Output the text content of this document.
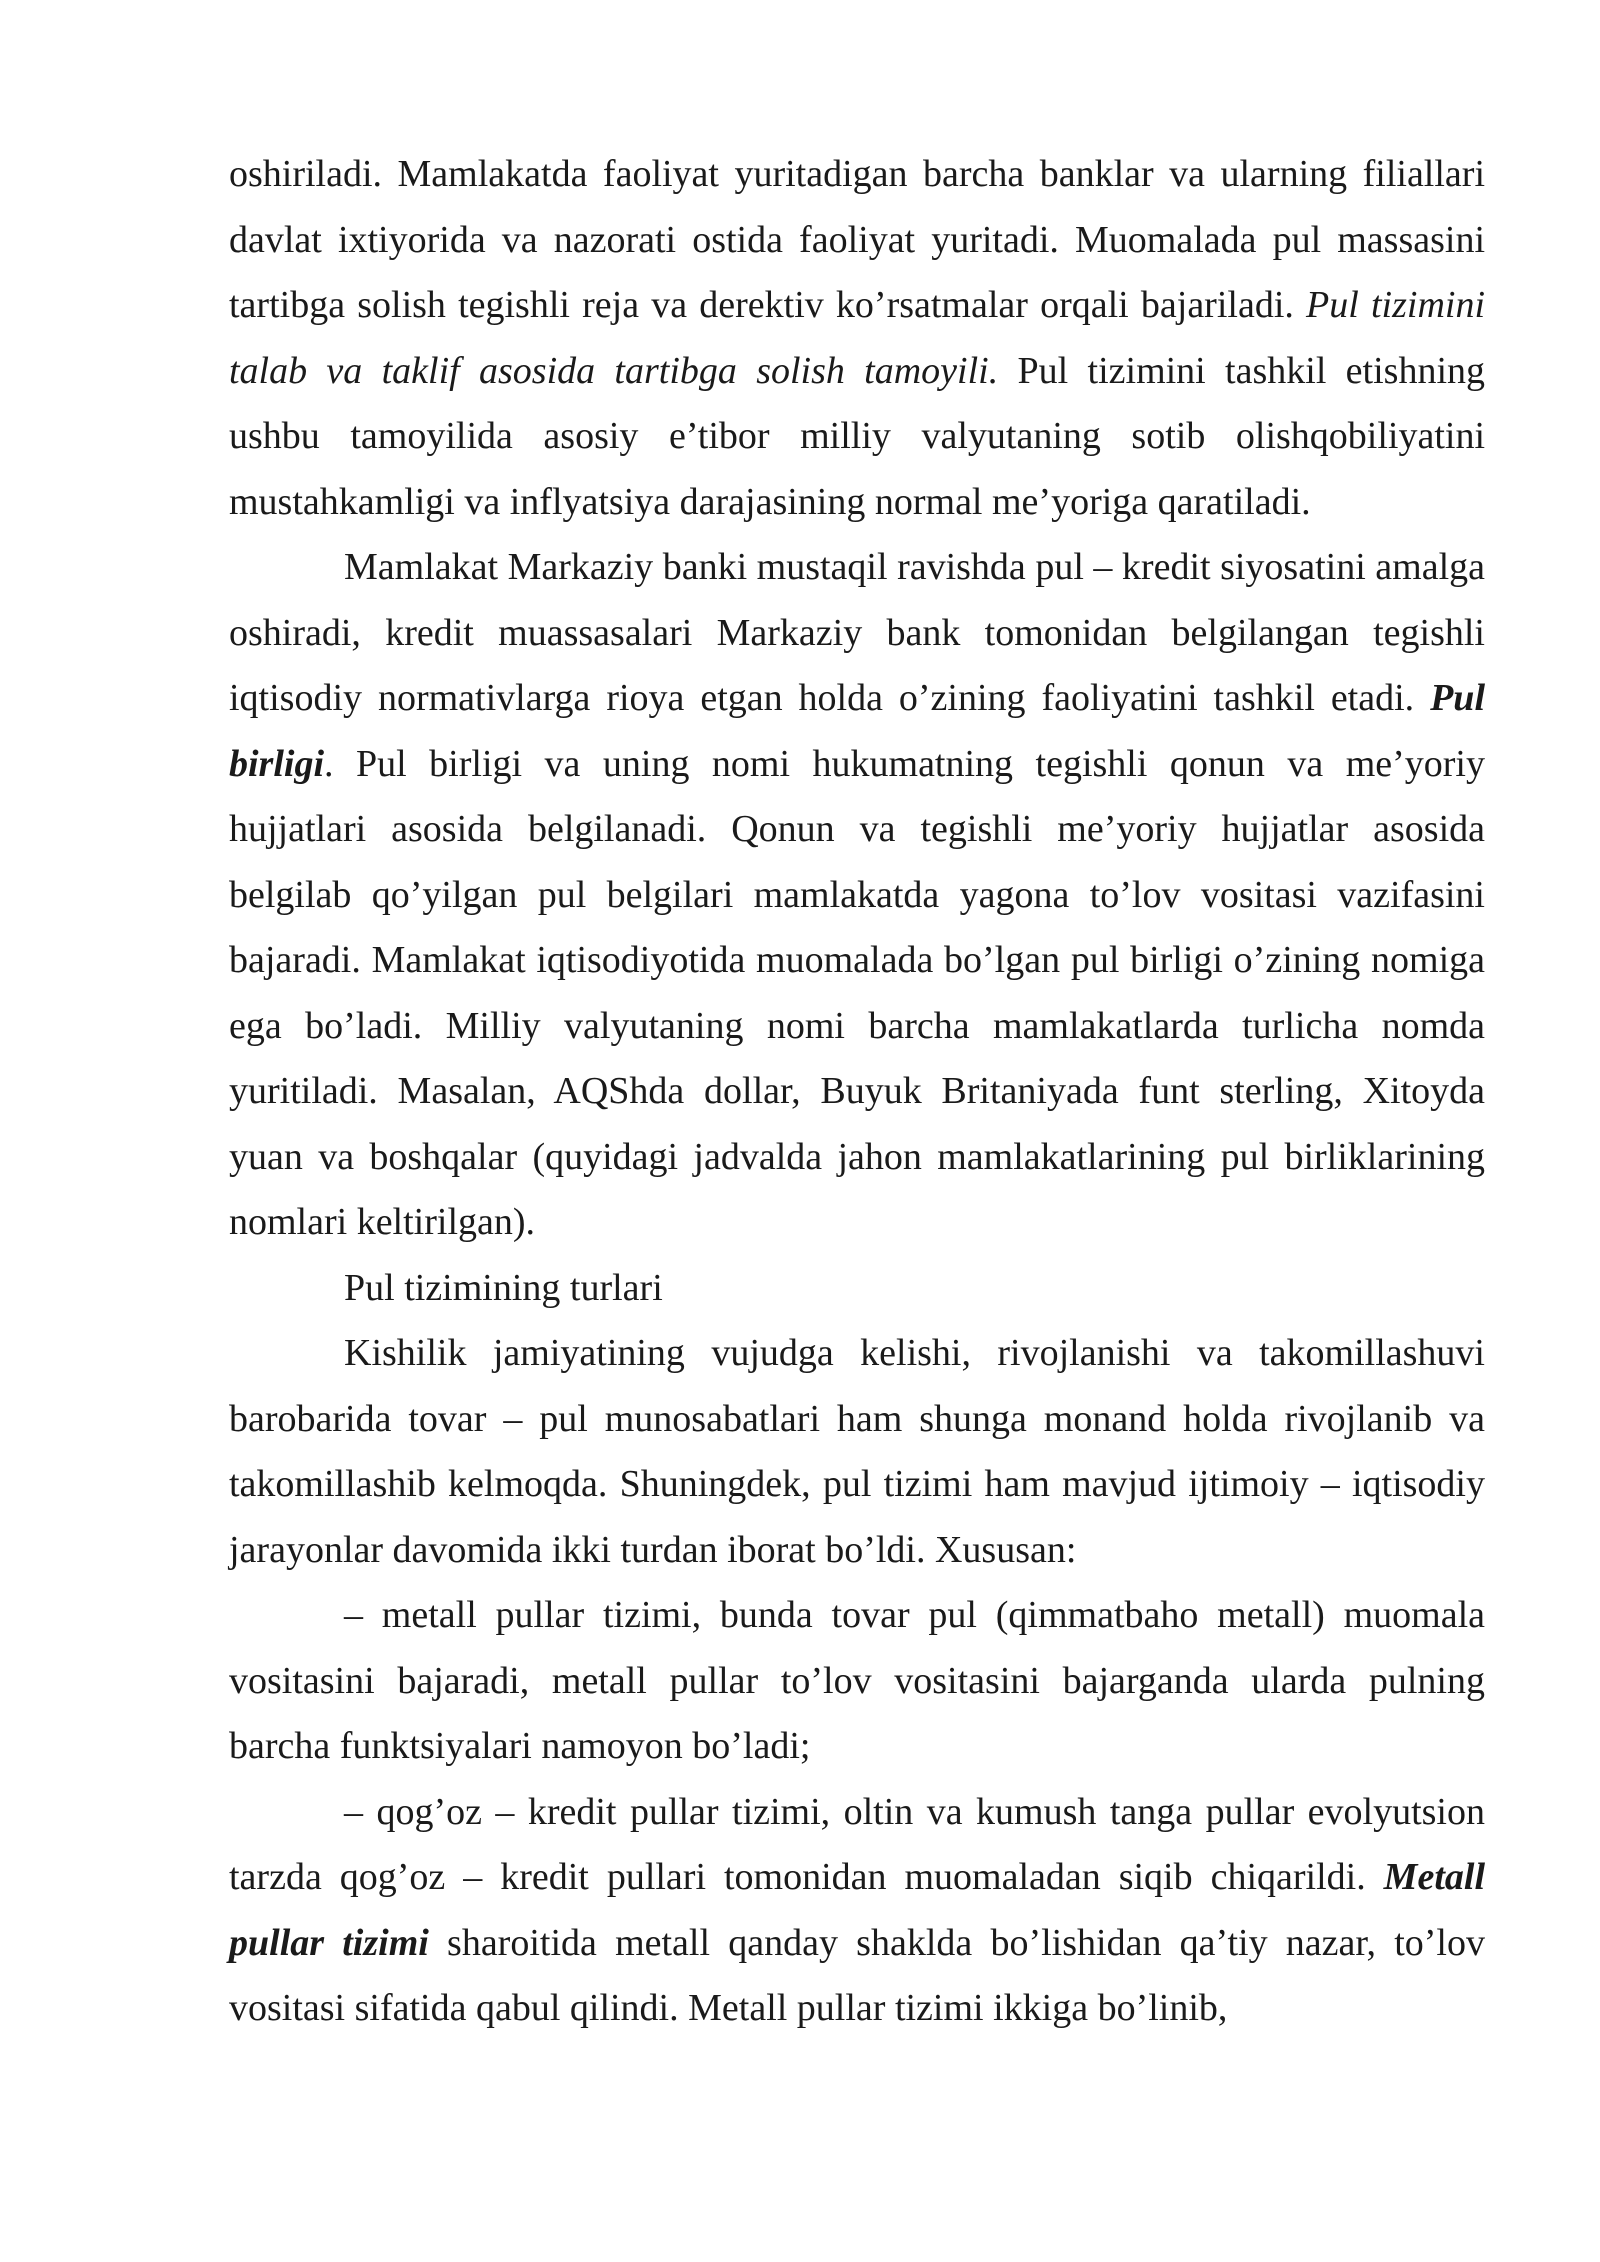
oshiriladi. Mamlakatda faoliyat yuritadigan barcha banklar va ularning filiallari davlat ixtiyorida va nazorati ostida faoliyat yuritadi. Muomalada pul massasini tartibga solish tegishli reja va derektiv ko’rsatmalar orqali bajariladi. Pul tizimini talab va taklif asosida tartibga solish tamoyili. Pul tizimini tashkil etishning ushbu tamoyilida asosiy e’tibor milliy valyutaning sotib olishqobiliyatini mustahkamligi va inflyatsiya darajasining normal me’yoriga qaratiladi.

Mamlakat Markaziy banki mustaqil ravishda pul – kredit siyosatini amalga oshiradi, kredit muassasalari Markaziy bank tomonidan belgilangan tegishli iqtisodiy normativlarga rioya etgan holda o’zining faoliyatini tashkil etadi. Pul birligi. Pul birligi va uning nomi hukumatning tegishli qonun va me’yoriy hujjatlari asosida belgilanadi. Qonun va tegishli me’yoriy hujjatlar asosida belgilab qo’yilgan pul belgilari mamlakatda yagona to’lov vositasi vazifasini bajaradi. Mamlakat iqtisodiyotida muomalada bo’lgan pul birligi o’zining nomiga ega bo’ladi. Milliy valyutaning nomi barcha mamlakatlarda turlicha nomda yuritiladi. Masalan, AQShda dollar, Buyuk Britaniyada funt sterling, Xitoyda yuan va boshqalar (quyidagi jadvalda jahon mamlakatlarining pul birliklarining nomlari keltirilgan).

Pul tizimining turlari

Kishilik jamiyatining vujudga kelishi, rivojlanishi va takomillashuvi barobarida tovar – pul munosabatlari ham shunga monand holda rivojlanib va takomillashib kelmoqda. Shuningdek, pul tizimi ham mavjud ijtimoiy – iqtisodiy jarayonlar davomida ikki turdan iborat bo’ldi. Xususan:

– metall pullar tizimi, bunda tovar pul (qimmatbaho metall) muomala vositasini bajaradi, metall pullar to’lov vositasini bajarganda ularda pulning barcha funktsiyalari namoyon bo’ladi;

– qog’oz – kredit pullar tizimi, oltin va kumush tanga pullar evolyutsion tarzda qog’oz – kredit pullari tomonidan muomaladan siqib chiqarildi. Metall pullar tizimi sharoitida metall qanday shaklda bo’lishidan qa’tiy nazar, to’lov vositasi sifatida qabul qilindi. Metall pullar tizimi ikkiga bo’linib,
